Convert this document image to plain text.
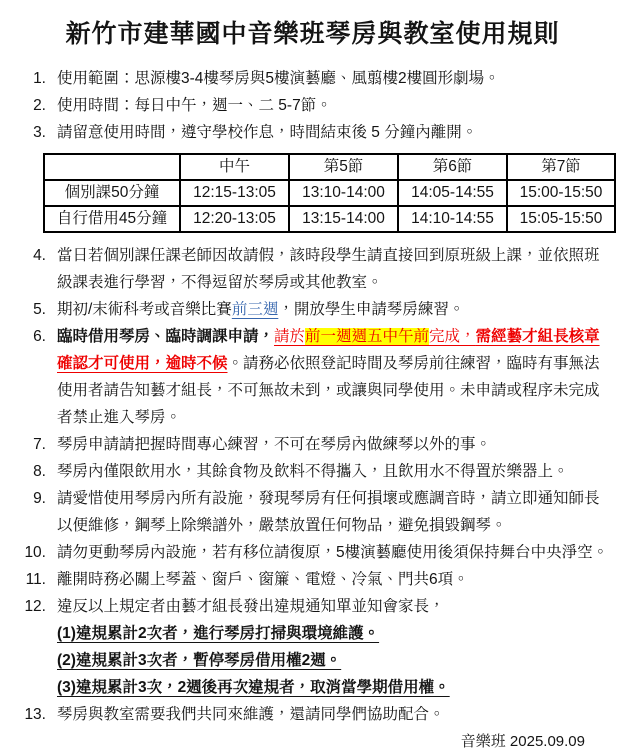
新竹市建華國中音樂班琴房與教室使用規則
1. 使用範圍：思源樓3-4樓琴房與5樓演藝廳、風翦樓2樓圓形劇場。
2. 使用時間：每日中午，週一、二 5-7節。
3. 請留意使用時間，遵守學校作息，時間結束後 5 分鐘內離開。
	中午	第5節	第6節	第7節
個別課50分鐘	12:15-13:05	13:10-14:00	14:05-14:55	15:00-15:50
自行借用45分鐘	12:20-13:05	13:15-14:00	14:10-14:55	15:05-15:50
4. 當日若個別課任課老師因故請假，該時段學生請直接回到原班級上課，並依照班級課表進行學習，不得逗留於琴房或其他教室。
5. 期初/末術科考或音樂比賽前三週，開放學生申請琴房練習。
6. 臨時借用琴房、臨時調課申請，請於前一週週五中午前完成，需經藝才組長核章確認才可使用，逾時不候。請務必依照登記時間及琴房前往練習，臨時有事無法使用者請告知藝才組長，不可無故未到，或讓與同學使用。未申請或程序未完成者禁止進入琴房。
7. 琴房申請請把握時間專心練習，不可在琴房內做練琴以外的事。
8. 琴房內僅限飲用水，其餘食物及飲料不得攜入，且飲用水不得置於樂器上。
9. 請愛惜使用琴房內所有設施，發現琴房有任何損壞或應調音時，請立即通知師長以便維修，鋼琴上除樂譜外，嚴禁放置任何物品，避免損毀鋼琴。
10. 請勿更動琴房內設施，若有移位請復原，5樓演藝廳使用後須保持舞台中央淨空。
11. 離開時務必關上琴蓋、窗戶、窗簾、電燈、冷氣、門共6項。
12. 違反以上規定者由藝才組長發出違規通知單並知會家長，
(1)違規累計2次者，進行琴房打掃與環境維護。
(2)違規累計3次者，暫停琴房借用權2週。
(3)違規累計3次，2週後再次違規者，取消當學期借用權。
13. 琴房與教室需要我們共同來維護，還請同學們協助配合。
音樂班 2025.09.09
